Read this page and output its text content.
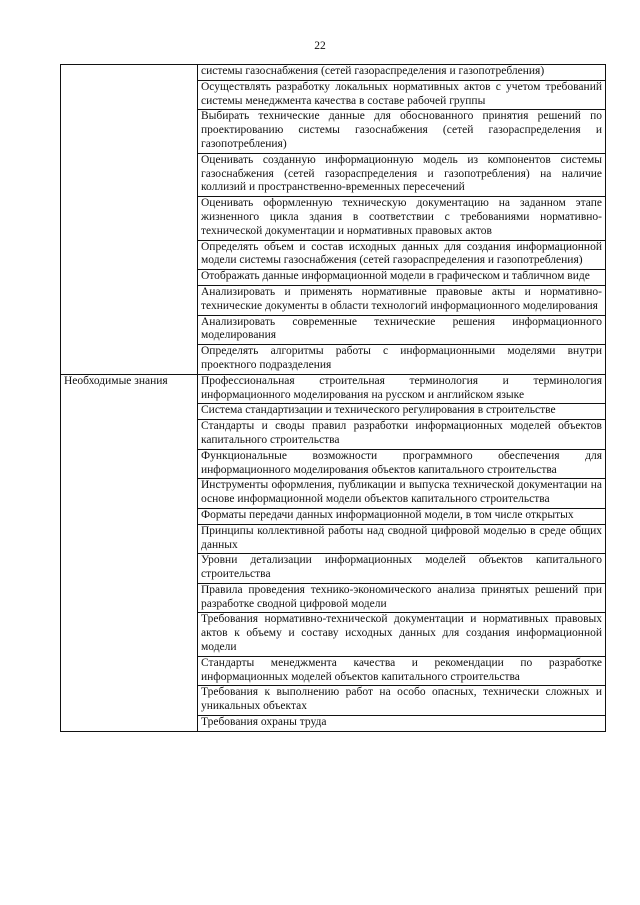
22
	системы газоснабжения (сетей газораспределения и газопотребления)
	Осуществлять разработку локальных нормативных актов с учетом требований системы менеджмента качества в составе рабочей группы
	Выбирать технические данные для обоснованного принятия решений по проектированию системы газоснабжения (сетей газораспределения и газопотребления)
	Оценивать созданную информационную модель из компонентов системы газоснабжения (сетей газораспределения и газопотребления) на наличие коллизий и пространственно-временных пересечений
	Оценивать оформленную техническую документацию на заданном этапе жизненного цикла здания в соответствии с требованиями нормативно-технической документации и нормативных правовых актов
	Определять объем и состав исходных данных для создания информационной модели системы газоснабжения (сетей газораспределения и газопотребления)
	Отображать данные информационной модели в графическом и табличном виде
	Анализировать и применять нормативные правовые акты и нормативно-технические документы в области технологий информационного моделирования
	Анализировать современные технические решения информационного моделирования
	Определять алгоритмы работы с информационными моделями внутри проектного подразделения
Необходимые знания	Профессиональная строительная терминология и терминология информационного моделирования на русском и английском языке
	Система стандартизации и технического регулирования в строительстве
	Стандарты и своды правил разработки информационных моделей объектов капитального строительства
	Функциональные возможности программного обеспечения для информационного моделирования объектов капитального строительства
	Инструменты оформления, публикации и выпуска технической документации на основе информационной модели объектов капитального строительства
	Форматы передачи данных информационной модели, в том числе открытых
	Принципы коллективной работы над сводной цифровой моделью в среде общих данных
	Уровни детализации информационных моделей объектов капитального строительства
	Правила проведения технико-экономического анализа принятых решений при разработке сводной цифровой модели
	Требования нормативно-технической документации и нормативных правовых актов к объему и составу исходных данных для создания информационной модели
	Стандарты менеджмента качества и рекомендации по разработке информационных моделей объектов капитального строительства
	Требования к выполнению работ на особо опасных, технически сложных и уникальных объектах
	Требования охраны труда
